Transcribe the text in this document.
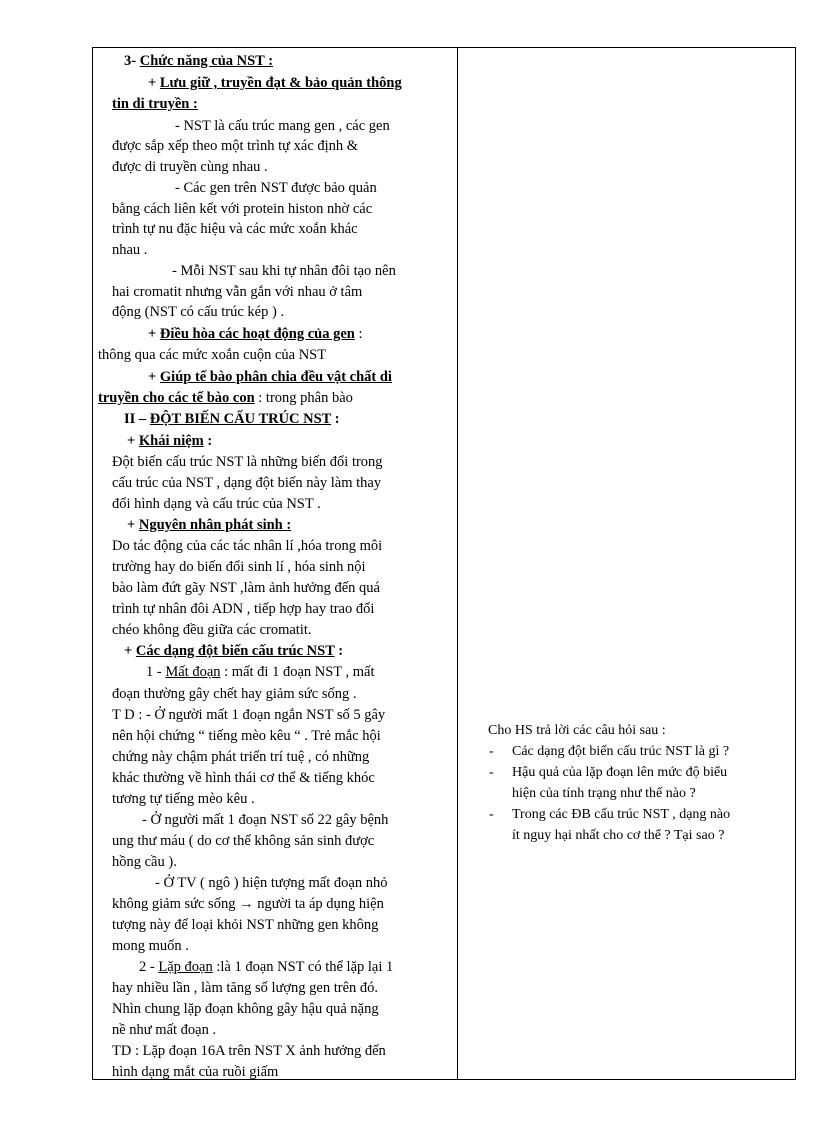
3- Chức năng của NST :
+ Lưu giữ , truyền đạt & bảo quản thông
tin di truyền :
- NST là cấu trúc mang gen , các gen
được sắp xếp theo một trình tự xác định &
được di truyền cùng nhau .
- Các gen trên NST được bảo quản
bằng cách liên kết với protein histon nhờ các
trình tự nu đặc hiệu và các mức xoắn khác
nhau .
- Mỗi NST sau khi tự nhân đôi tạo nên
hai cromatit nhưng vẫn gắn với nhau ở tâm
động (NST có cấu trúc kép ) .
+ Điều hòa các hoạt động của gen :
thông qua các mức xoắn cuộn của NST
+ Giúp tế bào phân chia đều vật chất di
truyền cho các tế bào con : trong phân bào
II – ĐỘT BIẾN CẤU TRÚC NST :
+ Khái niệm :
Đột biến cấu trúc NST là những biến đổi trong
cấu trúc của NST , dạng đột biến này làm thay
đổi hình dạng và cấu trúc của NST .
+ Nguyên nhân phát sinh :
Do tác động của các tác nhân lí ,hóa trong môi
trường hay do biến đổi sinh lí , hóa sinh nội
bào làm đứt gãy NST ,làm ảnh hưởng đến quá
trình tự nhân đôi ADN , tiếp hợp hay trao đổi
chéo không đều giữa các cromatit.
+ Các dạng đột biến cấu trúc NST :
1 - Mất đoạn : mất đi 1 đoạn NST , mất
đoạn thường gây chết hay giảm sức sống .
T D : - Ở người mất 1 đoạn ngắn NST số 5 gây
nên hội chứng “ tiếng mèo kêu “ . Trẻ mắc hội
chứng này chậm phát triển trí tuệ , có những
khác thường về hình thái cơ thể & tiếng khóc
tương tự tiếng mèo kêu .
- Ở người mất 1 đoạn NST số 22 gây bệnh
ung thư máu ( do cơ thể không sản sinh được
hồng cầu ).
- Ở TV ( ngô ) hiện tượng mất đoạn nhỏ
không giảm sức sống → người ta áp dụng hiện
tượng này để loại khỏi NST những gen không
mong muốn .
2 - Lặp đoạn :là 1 đoạn NST có thể lặp lại 1
hay nhiều lần , làm tăng số lượng gen trên đó.
Nhìn chung lặp đoạn không gây hậu quả nặng
nề như mất đoạn .
TD : Lặp đoạn 16A trên NST X ảnh hưởng đến
hình dạng mắt của ruồi giấm
Cho HS trả lời các câu hỏi sau :
- Các dạng đột biến cấu trúc NST là gì ?
- Hậu quả của lặp đoạn lên mức độ biểu
hiện của tính trạng như thế nào ?
- Trong các ĐB cấu trúc NST , dạng nào
ít nguy hại nhất cho cơ thể ? Tại sao ?
